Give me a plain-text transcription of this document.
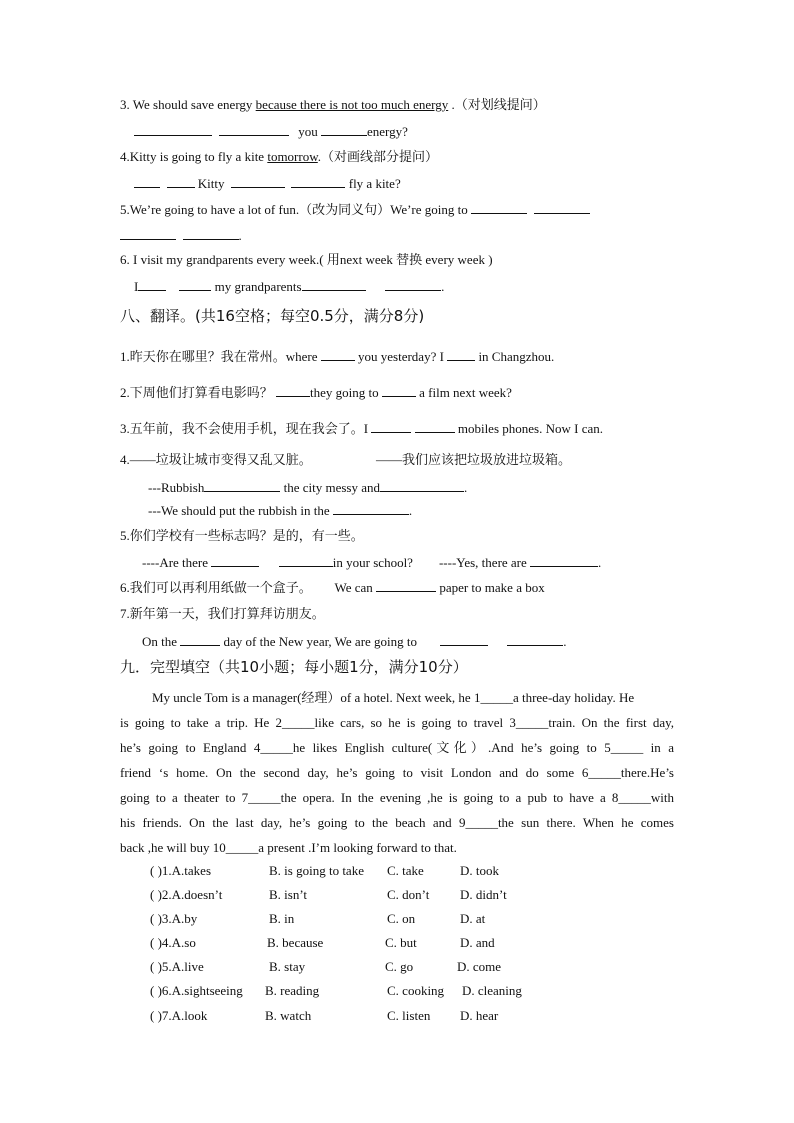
3. We should save energy because there is not too much energy .（对划线提问）
you	energy?
4.Kitty is going to fly a kite tomorrow.（对画线部分提问）
Kitty	fly a kite?
5.We’re going to have a lot of fun.（改为同义句）We’re going to
.
6. I visit my grandparents every week.( 用next week 替换 every week )
I	my grandparents	.
八、翻译。(共16空格；每空0.5分，满分8分)
1.昨天你在哪里？我在常州。where	you yesterday? I	in Changzhou.
2.下周他们打算看电影吗？	they going to	a film next week?
3.五年前，我不会使用手机，现在我会了。I	mobiles phones. Now I can.
4.——垃圾让城市变得又乱又脏。	——我们应该把垃圾放进垃圾箱。
---Rubbish	the city messy and	.
---We should put the rubbish in the	.
5.你们学校有一些标志吗？是的，有一些。
----Are there	in your school? ----Yes, there are	.
6.我们可以再利用纸做一个盒子。 We can	paper to make a box
7.新年第一天，我们打算拜访朋友。
On the	day of the New year, We are going to	.
九．完型填空（共10小题；每小题1分，满分10分）
My uncle Tom is a manager(经理）of a hotel. Next week, he 1_____a three-day holiday. He
is going to take a trip. He 2_____like cars, so he is going to travel 3_____train. On the first day,
he’s going to England 4_____he likes English culture(文化）.And he’s going to 5_____ in a
friend ‘s home. On the second day, he’s going to visit London and do some 6_____there.He’s
going to a theater to 7_____the opera. In the evening ,he is going to a pub to have a 8_____with
his friends. On the last day, he’s going to the beach and 9_____the sun there. When he comes
back ,he will buy 10_____a present .I’m looking forward to that.
( )1.A.takes	B. is going to take C. take	D. took
( )2.A.doesn’t	B. isn’t	C. don’t D. didn’t
( )3.A.by	B. in	C. on	D. at
( )4.A.so	B. because	C. but	D. and
( )5.A.live	B. stay	C. go	D. come
( )6.A.sightseeing B. reading	C. cooking D. cleaning
( )7.A.look	B. watch	C. listen D. hear
